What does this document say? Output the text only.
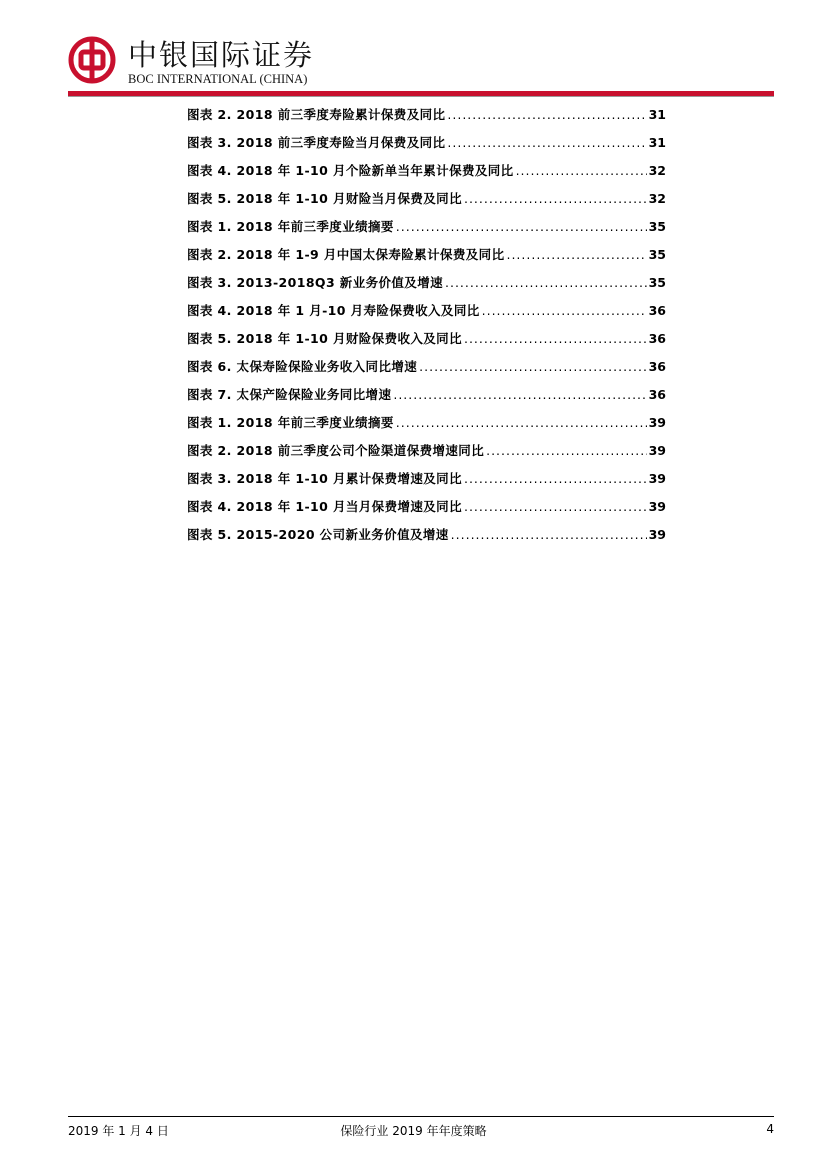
中银国际证券
BOC INTERNATIONAL (CHINA)
图表 2. 2018 前三季度寿险累计保费及同比 .....	31
图表 3. 2018 前三季度寿险当月保费及同比 .....	31
图表 4. 2018 年 1-10 月个险新单当年累计保费及同比 .....	32
图表 5. 2018 年 1-10 月财险当月保费及同比 .....	32
图表 1. 2018 年前三季度业绩摘要 .....	35
图表 2. 2018 年 1-9 月中国太保寿险累计保费及同比 .....	35
图表 3. 2013-2018Q3 新业务价值及增速 .....	35
图表 4. 2018 年 1 月-10 月寿险保费收入及同比 .....	36
图表 5. 2018 年 1-10 月财险保费收入及同比 .....	36
图表 6. 太保寿险保险业务收入同比增速 .....	36
图表 7. 太保产险保险业务同比增速 .....	36
图表 1. 2018 年前三季度业绩摘要 .....	39
图表 2. 2018 前三季度公司个险渠道保费增速同比 .....	39
图表 3. 2018 年 1-10 月累计保费增速及同比 .....	39
图表 4. 2018 年 1-10 月当月保费增速及同比 .....	39
图表 5. 2015-2020 公司新业务价值及增速 .....	39
2019 年 1 月 4 日	保险行业 2019 年年度策略	4
